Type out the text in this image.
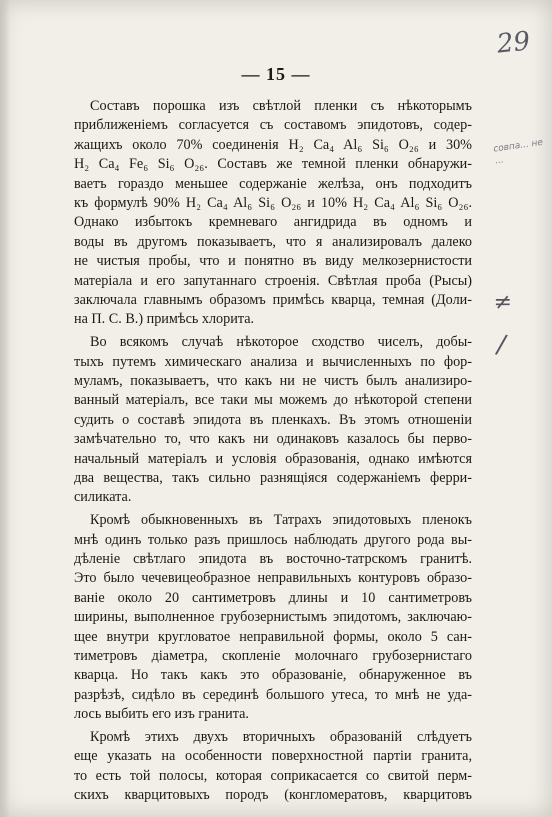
29
— 15 —
совпа... не ...
≠
/
Составъ порошка изъ свѣтлой пленки съ нѣкоторымъ
приближеніемъ согласуется съ составомъ эпидотовъ, содер-
жащихъ около 70% соединенія H₂ Ca₄ Al₆ Si₆ O₂₆ и 30%
H₂ Ca₄ Fe₆ Si₆ O₂₆. Составъ же темной пленки обнаружи-
ваетъ гораздо меньшее содержаніе желѣза, онъ подходитъ
къ формулѣ 90% H₂ Ca₄ Al₆ Si₆ O₂₆ и 10% H₂ Ca₄ Al₆ Si₆ O₂₆.
Однако избытокъ кремневаго ангидрида въ одномъ и
воды въ другомъ показываетъ, что я анализировалъ далеко
не чистыя пробы, что и понятно въ виду мелкозернистости
матеріала и его запутаннаго строенія. Свѣтлая проба (Рысы)
заключала главнымъ образомъ примѣсь кварца, темная (Доли-
на П. С. В.) примѣсь хлорита.
Во всякомъ случаѣ нѣкоторое сходство чиселъ, добы-
тыхъ путемъ химическаго анализа и вычисленныхъ по фор-
муламъ, показываетъ, что какъ ни не чистъ былъ анализиро-
ванный матеріалъ, все таки мы можемъ до нѣкоторой степени
судить о составѣ эпидота въ пленкахъ. Въ этомъ отношеніи
замѣчательно то, что какъ ни одинаковъ казалось бы перво-
начальный матеріалъ и условія образованія, однако имѣются
два вещества, такъ сильно разнящіяся содержаніемъ ферри-
силиката.
Кромѣ обыкновенныхъ въ Татрахъ эпидотовыхъ пленокъ
мнѣ одинъ только разъ пришлось наблюдать другого рода вы-
дѣленіе свѣтлаго эпидота въ восточно-татрскомъ гранитѣ.
Это было чечевицеобразное неправильныхъ контуровъ образо-
ваніе около 20 сантиметровъ длины и 10 сантиметровъ
ширины, выполненное грубозернистымъ эпидотомъ, заключаю-
щее внутри кругловатое неправильной формы, около 5 сан-
тиметровъ діаметра, скопленіе молочнаго грубозернистаго
кварца. Но такъ какъ это образованіе, обнаруженное въ
разрѣзѣ, сидѣло въ серединѣ большого утеса, то мнѣ не уда-
лось выбить его изъ гранита.
Кромѣ этихъ двухъ вторичныхъ образованій слѣдуетъ
еще указать на особенности поверхностной партіи гранита,
то есть той полосы, которая соприкасается со свитой перм-
скихъ кварцитовыхъ породъ (конгломератовъ, кварцитовъ
